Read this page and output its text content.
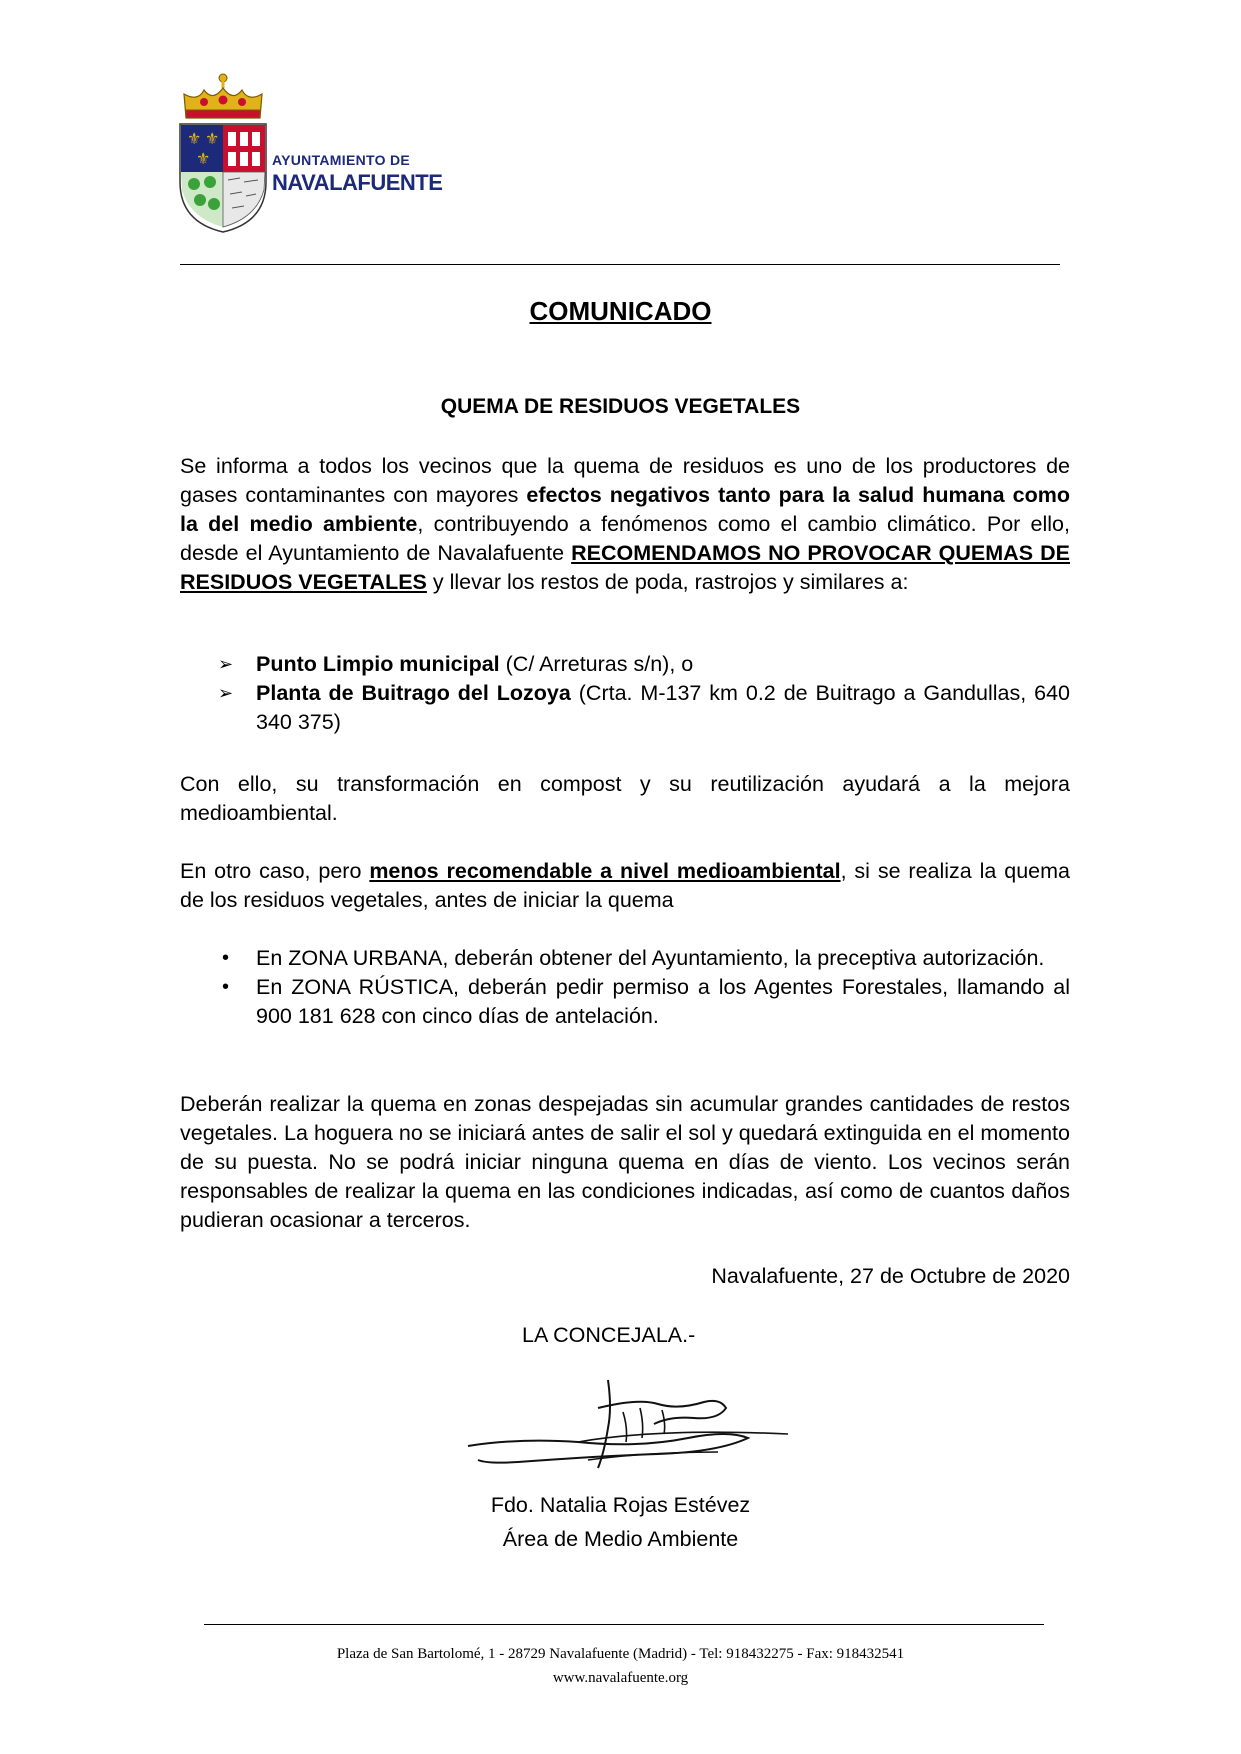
⚜ ⚜
⚜	AYUNTAMIENTO DE
NAVALAFUENTE
COMUNICADO
QUEMA DE RESIDUOS VEGETALES
Se informa a todos los vecinos que la quema de residuos es uno de los productores de gases contaminantes con mayores efectos negativos tanto para la salud humana como la del medio ambiente, contribuyendo a fenómenos como el cambio climático. Por ello, desde el Ayuntamiento de Navalafuente RECOMENDAMOS NO PROVOCAR QUEMAS DE RESIDUOS VEGETALES y llevar los restos de poda, rastrojos y similares a:

➢ Punto Limpio municipal (C/ Arreturas s/n), o

➢ Planta de Buitrago del Lozoya (Crta. M-137 km 0.2 de Buitrago a Gandullas, 640 340 375)

Con ello, su transformación en compost y su reutilización ayudará a la mejora medioambiental.
En otro caso, pero menos recomendable a nivel medioambiental, si se realiza la quema de los residuos vegetales, antes de iniciar la quema

• En ZONA URBANA, deberán obtener del Ayuntamiento, la preceptiva autorización.

• En ZONA RÚSTICA, deberán pedir permiso a los Agentes Forestales, llamando al 900 181 628 con cinco días de antelación.

Deberán realizar la quema en zonas despejadas sin acumular grandes cantidades de restos vegetales. La hoguera no se iniciará antes de salir el sol y quedará extinguida en el momento de su puesta. No se podrá iniciar ninguna quema en días de viento. Los vecinos serán responsables de realizar la quema en las condiciones indicadas, así como de cuantos daños pudieran ocasionar a terceros.
Navalafuente, 27 de Octubre de 2020
LA CONCEJALA.-
Fdo. Natalia Rojas Estévez
Área de Medio Ambiente
Plaza de San Bartolomé, 1 - 28729 Navalafuente (Madrid) - Tel: 918432275 - Fax: 918432541
www.navalafuente.org
